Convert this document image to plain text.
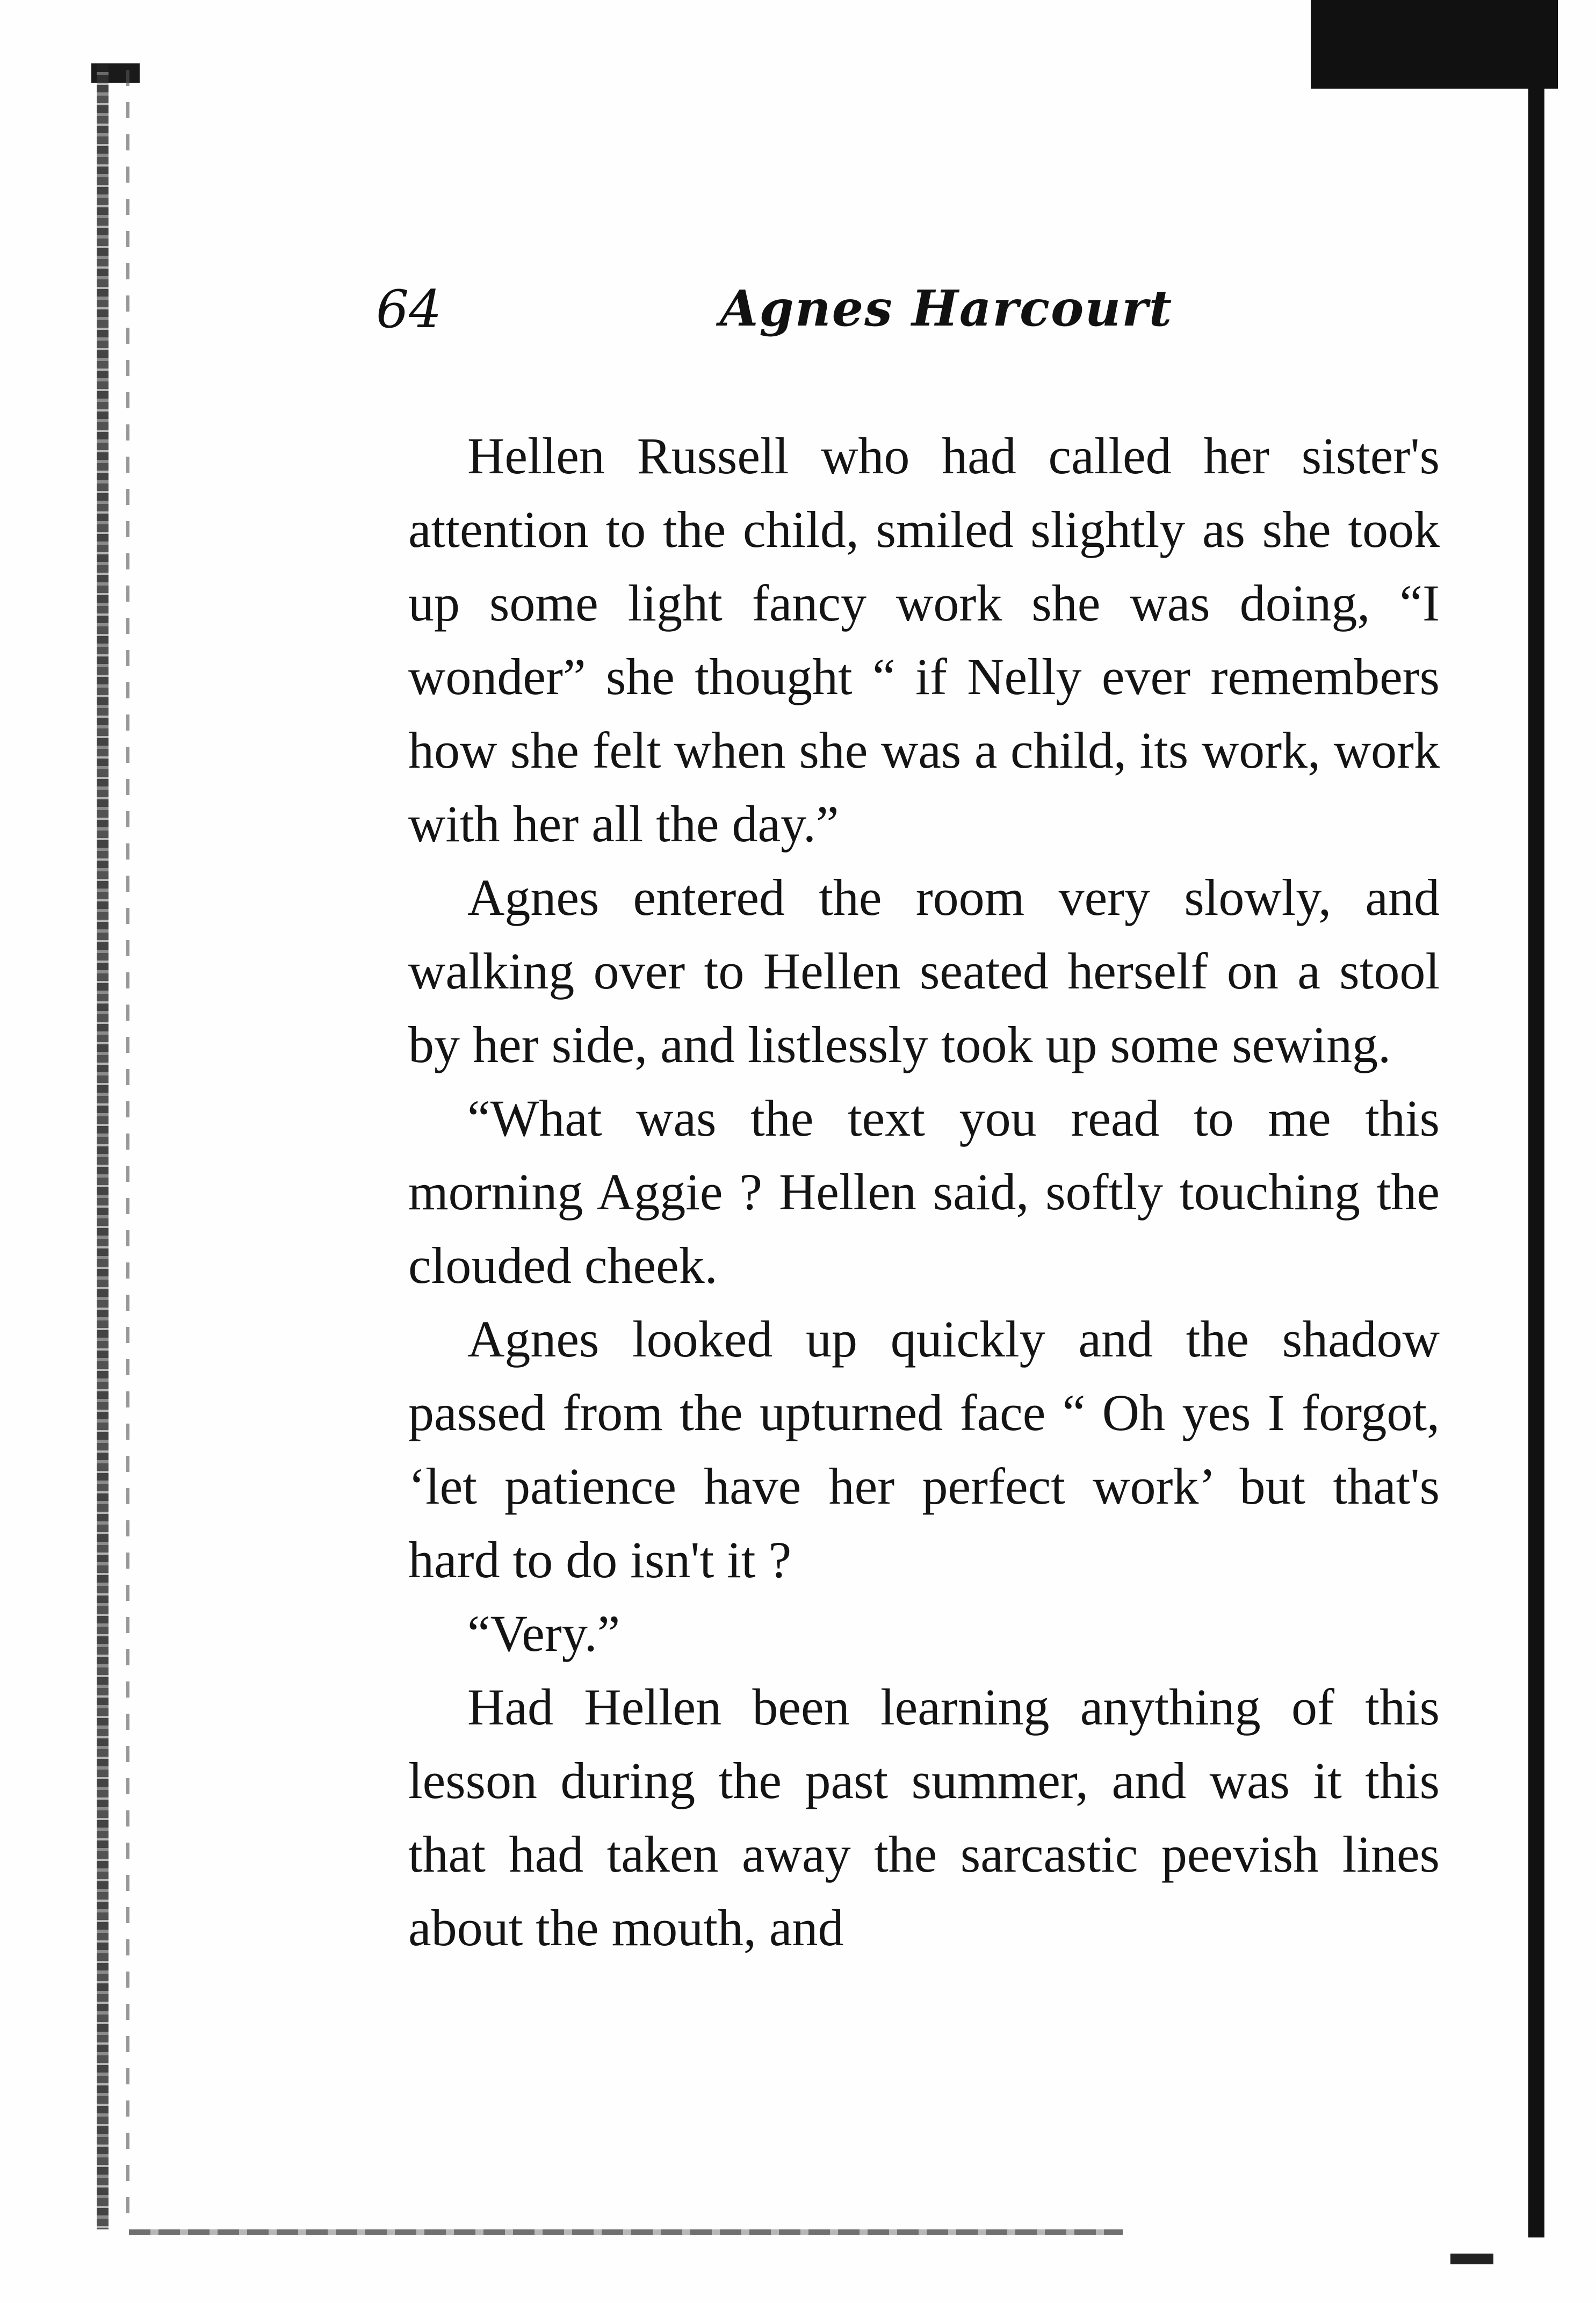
64	Agnes Harcourt

Hellen Russell who had called her sister's attention to the child, smiled slightly as she took up some light fancy work she was doing, “I wonder” she thought “ if Nelly ever remembers how she felt when she was a child, its work, work with her all the day.”

Agnes entered the room very slowly, and walking over to Hellen seated herself on a stool by her side, and listlessly took up some sewing.

“What was the text you read to me this morning Aggie ? Hellen said, softly touching the clouded cheek.

Agnes looked up quickly and the shadow passed from the upturned face “ Oh yes I forgot, ‘let patience have her perfect work’ but that's hard to do isn't it ?

“Very.”

Had Hellen been learning anything of this lesson during the past summer, and was it this that had taken away the sarcastic peevish lines about the mouth, and
